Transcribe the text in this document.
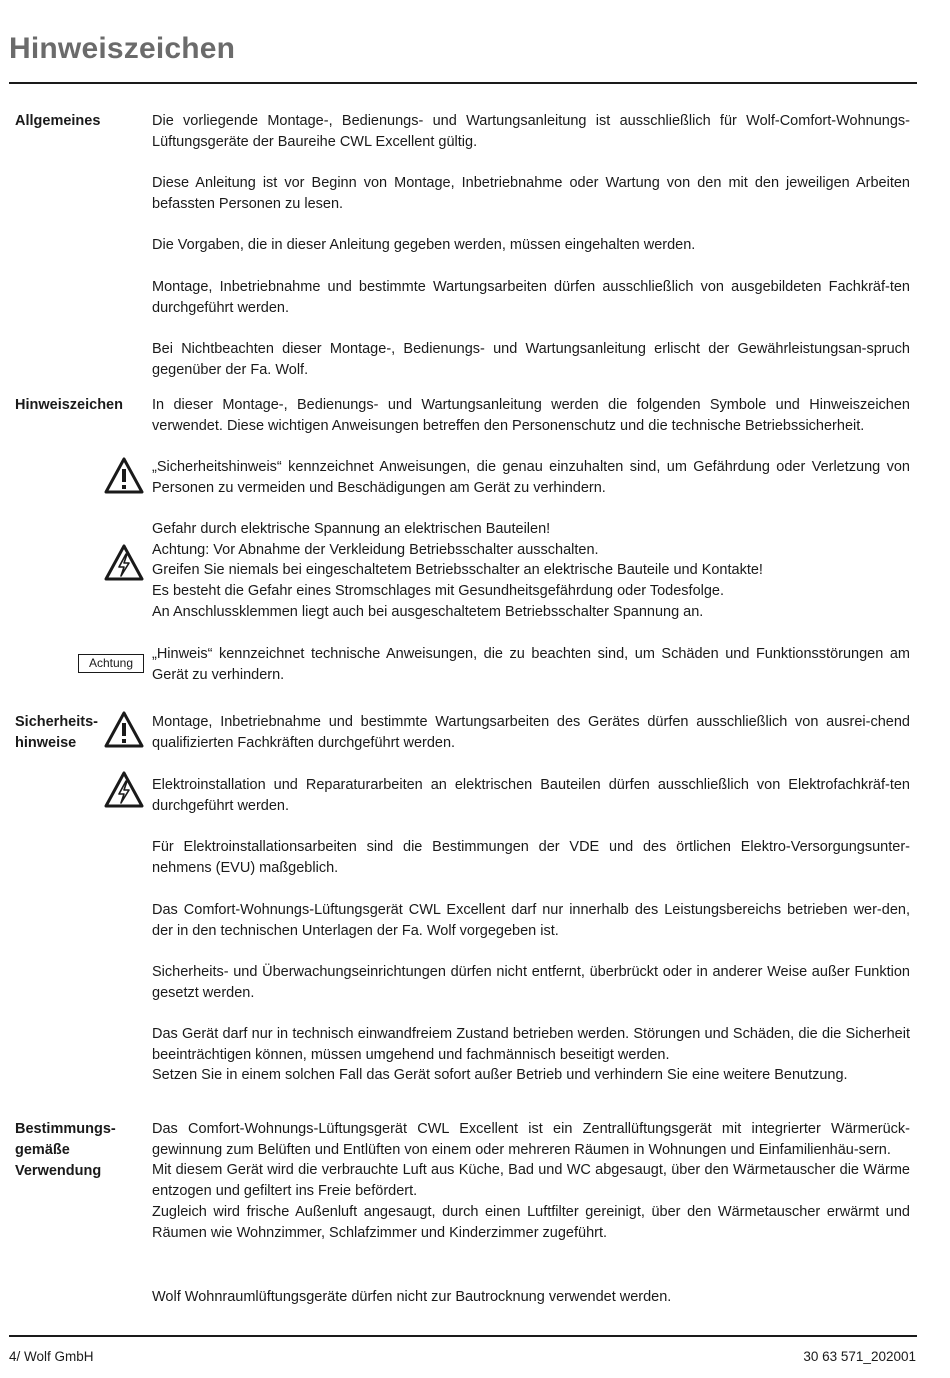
Hinweiszeichen
Allgemeines	Die vorliegende Montage-, Bedienungs- und Wartungsanleitung ist ausschließlich für Wolf-Comfort-Wohnungs-Lüftungsgeräte der Baureihe CWL Excellent gültig.

Diese Anleitung ist vor Beginn von Montage, Inbetriebnahme oder Wartung von den mit den jeweiligen Arbeiten befassten Personen zu lesen.

Die Vorgaben, die in dieser Anleitung gegeben werden, müssen eingehalten werden.

Montage, Inbetriebnahme und bestimmte Wartungsarbeiten dürfen ausschließlich von ausgebildeten Fachkräf-ten durchgeführt werden.

Bei Nichtbeachten dieser Montage-, Bedienungs- und Wartungsanleitung erlischt der Gewährleistungsan-spruch gegenüber der Fa. Wolf.

Hinweiszeichen In dieser Montage-, Bedienungs- und Wartungsanleitung werden die folgenden Symbole und Hinweiszeichen verwendet. Diese wichtigen Anweisungen betreffen den Personenschutz und die technische Betriebssicherheit.

„Sicherheitshinweis“ kennzeichnet Anweisungen, die genau einzuhalten sind, um Gefährdung oder Verletzung von Personen zu vermeiden und Beschädigungen am Gerät zu verhindern.

Gefahr durch elektrische Spannung an elektrischen Bauteilen!
Achtung: Vor Abnahme der Verkleidung Betriebsschalter ausschalten.
Greifen Sie niemals bei eingeschaltetem Betriebsschalter an elektrische Bauteile und Kontakte!
Es besteht die Gefahr eines Stromschlages mit Gesundheitsgefährdung oder Todesfolge.
An Anschlussklemmen liegt auch bei ausgeschaltetem Betriebsschalter Spannung an.
Achtung

„Hinweis“ kennzeichnet technische Anweisungen, die zu beachten sind, um Schäden und Funktionsstörungen am Gerät zu verhindern.

Sicherheits-
hinweise

Montage, Inbetriebnahme und bestimmte Wartungsarbeiten des Gerätes dürfen ausschließlich von ausrei-chend qualifizierten Fachkräften durchgeführt werden.

Elektroinstallation und Reparaturarbeiten an elektrischen Bauteilen dürfen ausschließlich von Elektrofachkräf-ten durchgeführt werden.

Für Elektroinstallationsarbeiten sind die Bestimmungen der VDE und des örtlichen Elektro-Versorgungsunter-nehmens (EVU) maßgeblich.

Das Comfort-Wohnungs-Lüftungsgerät CWL Excellent darf nur innerhalb des Leistungsbereichs betrieben wer-den, der in den technischen Unterlagen der Fa. Wolf vorgegeben ist.

Sicherheits- und Überwachungseinrichtungen dürfen nicht entfernt, überbrückt oder in anderer Weise außer Funktion gesetzt werden.

Das Gerät darf nur in technisch einwandfreiem Zustand betrieben werden. Störungen und Schäden, die die Sicherheit beeinträchtigen können, müssen umgehend und fachmännisch beseitigt werden.
Setzen Sie in einem solchen Fall das Gerät sofort außer Betrieb und verhindern Sie eine weitere Benutzung.
Bestimmungs-
gemäße
Verwendung
Das Comfort-Wohnungs-Lüftungsgerät CWL Excellent ist ein Zentrallüftungsgerät mit integrierter Wärmerück-gewinnung zum Belüften und Entlüften von einem oder mehreren Räumen in Wohnungen und Einfamilienhäu-sern.
Mit diesem Gerät wird die verbrauchte Luft aus Küche, Bad und WC abgesaugt, über den Wärmetauscher die Wärme entzogen und gefiltert ins Freie befördert.
Zugleich wird frische Außenluft angesaugt, durch einen Luftfilter gereinigt, über den Wärmetauscher erwärmt und Räumen wie Wohnzimmer, Schlafzimmer und Kinderzimmer zugeführt.

Wolf Wohnraumlüftungsgeräte dürfen nicht zur Bautrocknung verwendet werden.

4/ Wolf GmbH	30 63 571_202001
